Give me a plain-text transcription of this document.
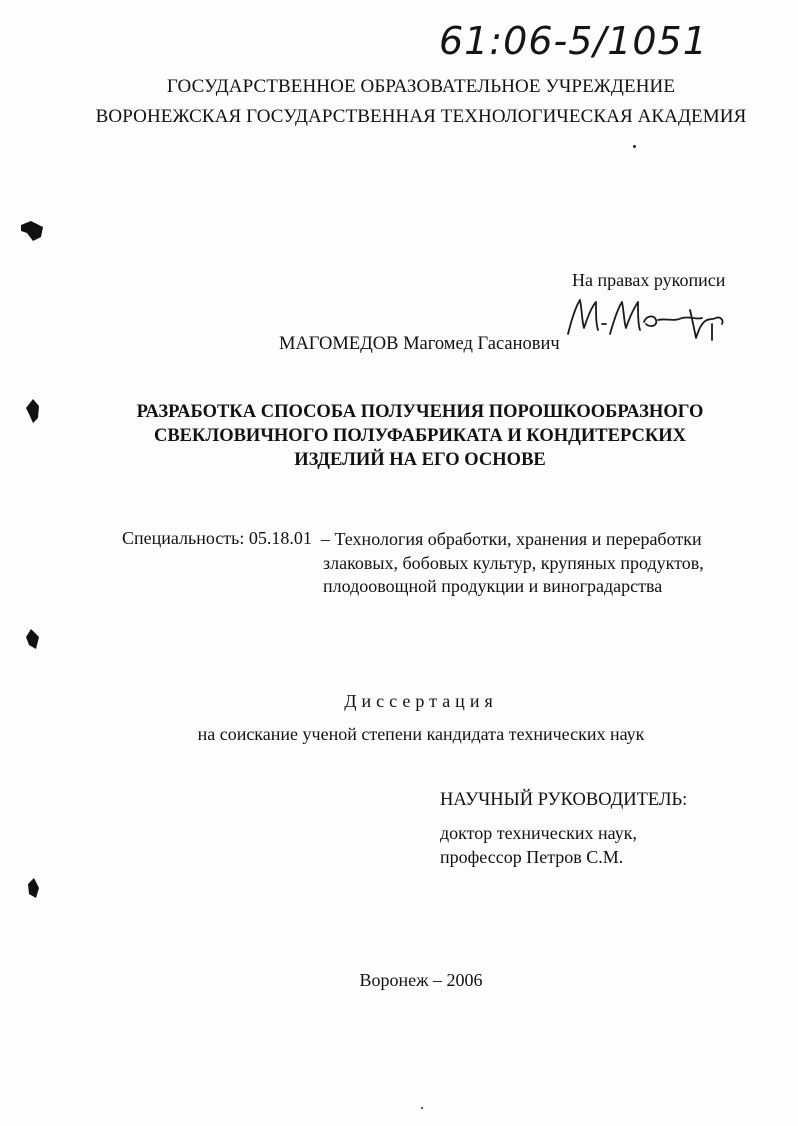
61:06-5/1051
ГОСУДАРСТВЕННОЕ ОБРАЗОВАТЕЛЬНОЕ УЧРЕЖДЕНИЕ
ВОРОНЕЖСКАЯ ГОСУДАРСТВЕННАЯ ТЕХНОЛОГИЧЕСКАЯ АКАДЕМИЯ
На правах рукописи
МАГОМЕДОВ Магомед Гасанович
РАЗРАБОТКА СПОСОБА ПОЛУЧЕНИЯ ПОРОШКООБРАЗНОГО
СВЕКЛОВИЧНОГО ПОЛУФАБРИКАТА И КОНДИТЕРСКИХ
ИЗДЕЛИЙ НА ЕГО ОСНОВЕ
Специальность: 05.18.01 – Технология обработки, хранения и переработки
злаковых, бобовых культур, крупяных продуктов,
плодоовощной продукции и виноградарства
Диссертация
на соискание ученой степени кандидата технических наук
НАУЧНЫЙ РУКОВОДИТЕЛЬ:
доктор технических наук,
профессор Петров С.М.
Воронеж – 2006
